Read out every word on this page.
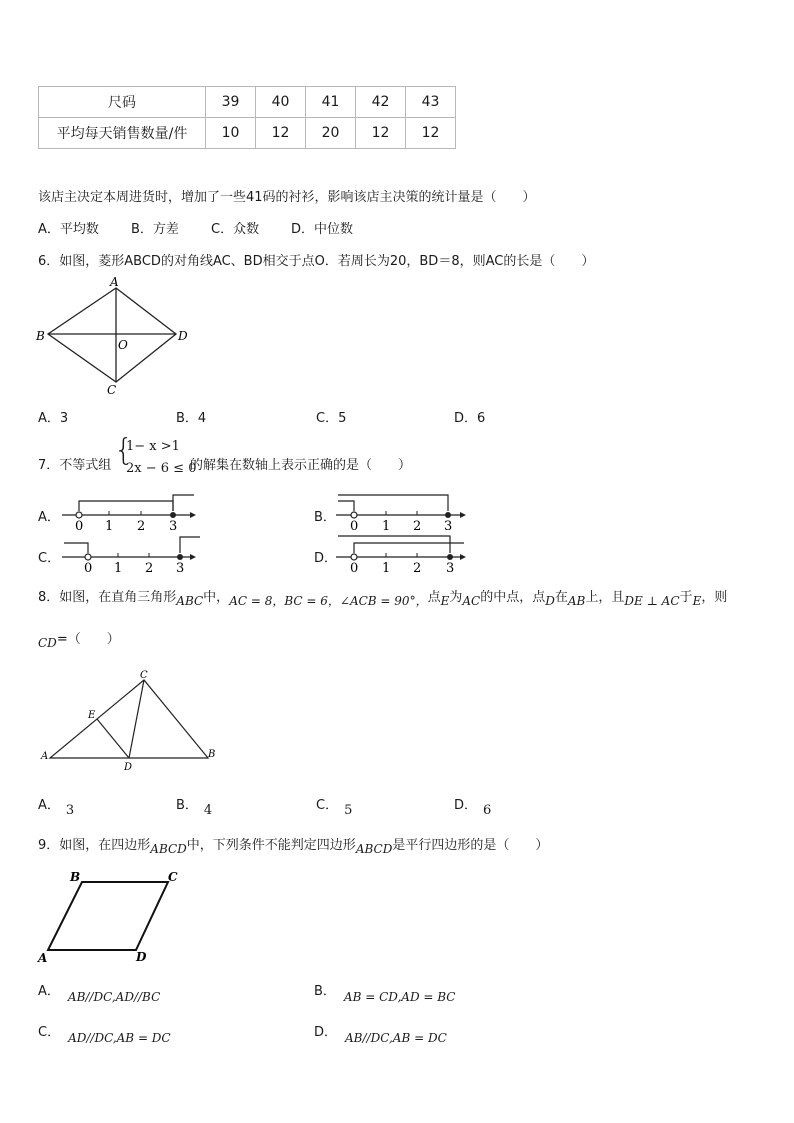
尺码	39	40	41	42	43
平均每天销售数量/件	10	12	20	12	12
该店主决定本周进货时，增加了一些41码的衬衫，影响该店主决策的统计量是（　　）
A．平均数 B．方差 C．众数 D．中位数
6．如图，菱形ABCD的对角线AC、BD相交于点O．若周长为20，BD＝8，则AC的长是（　　）
A
B
C
D
O
A．3	B．4	C．5	D．6
7．不等式组 {
1− x >1
2x − 6 ≤ 0
的解集在数轴上表示正确的是（　　）
A．
0 1 2 3
B．
0 1 2 3
C．
0 1 2 3
D．
0 1 2 3
8．如图，在直角三角形ABC中，AC = 8，BC = 6，∠ACB = 90°，点E为AC的中点，点D在AB上，且DE ⊥ AC于E，则
CD=（　　）
C
E
A
D
B
A． 3	B． 4	C． 5	D． 6
9．如图，在四边形ABCD中，下列条件不能判定四边形ABCD是平行四边形的是（　　）
B	C
A	D
A． AB//DC,AD//BC	B． AB = CD,AD = BC
C． AD//DC,AB = DC	D． AB//DC,AB = DC
